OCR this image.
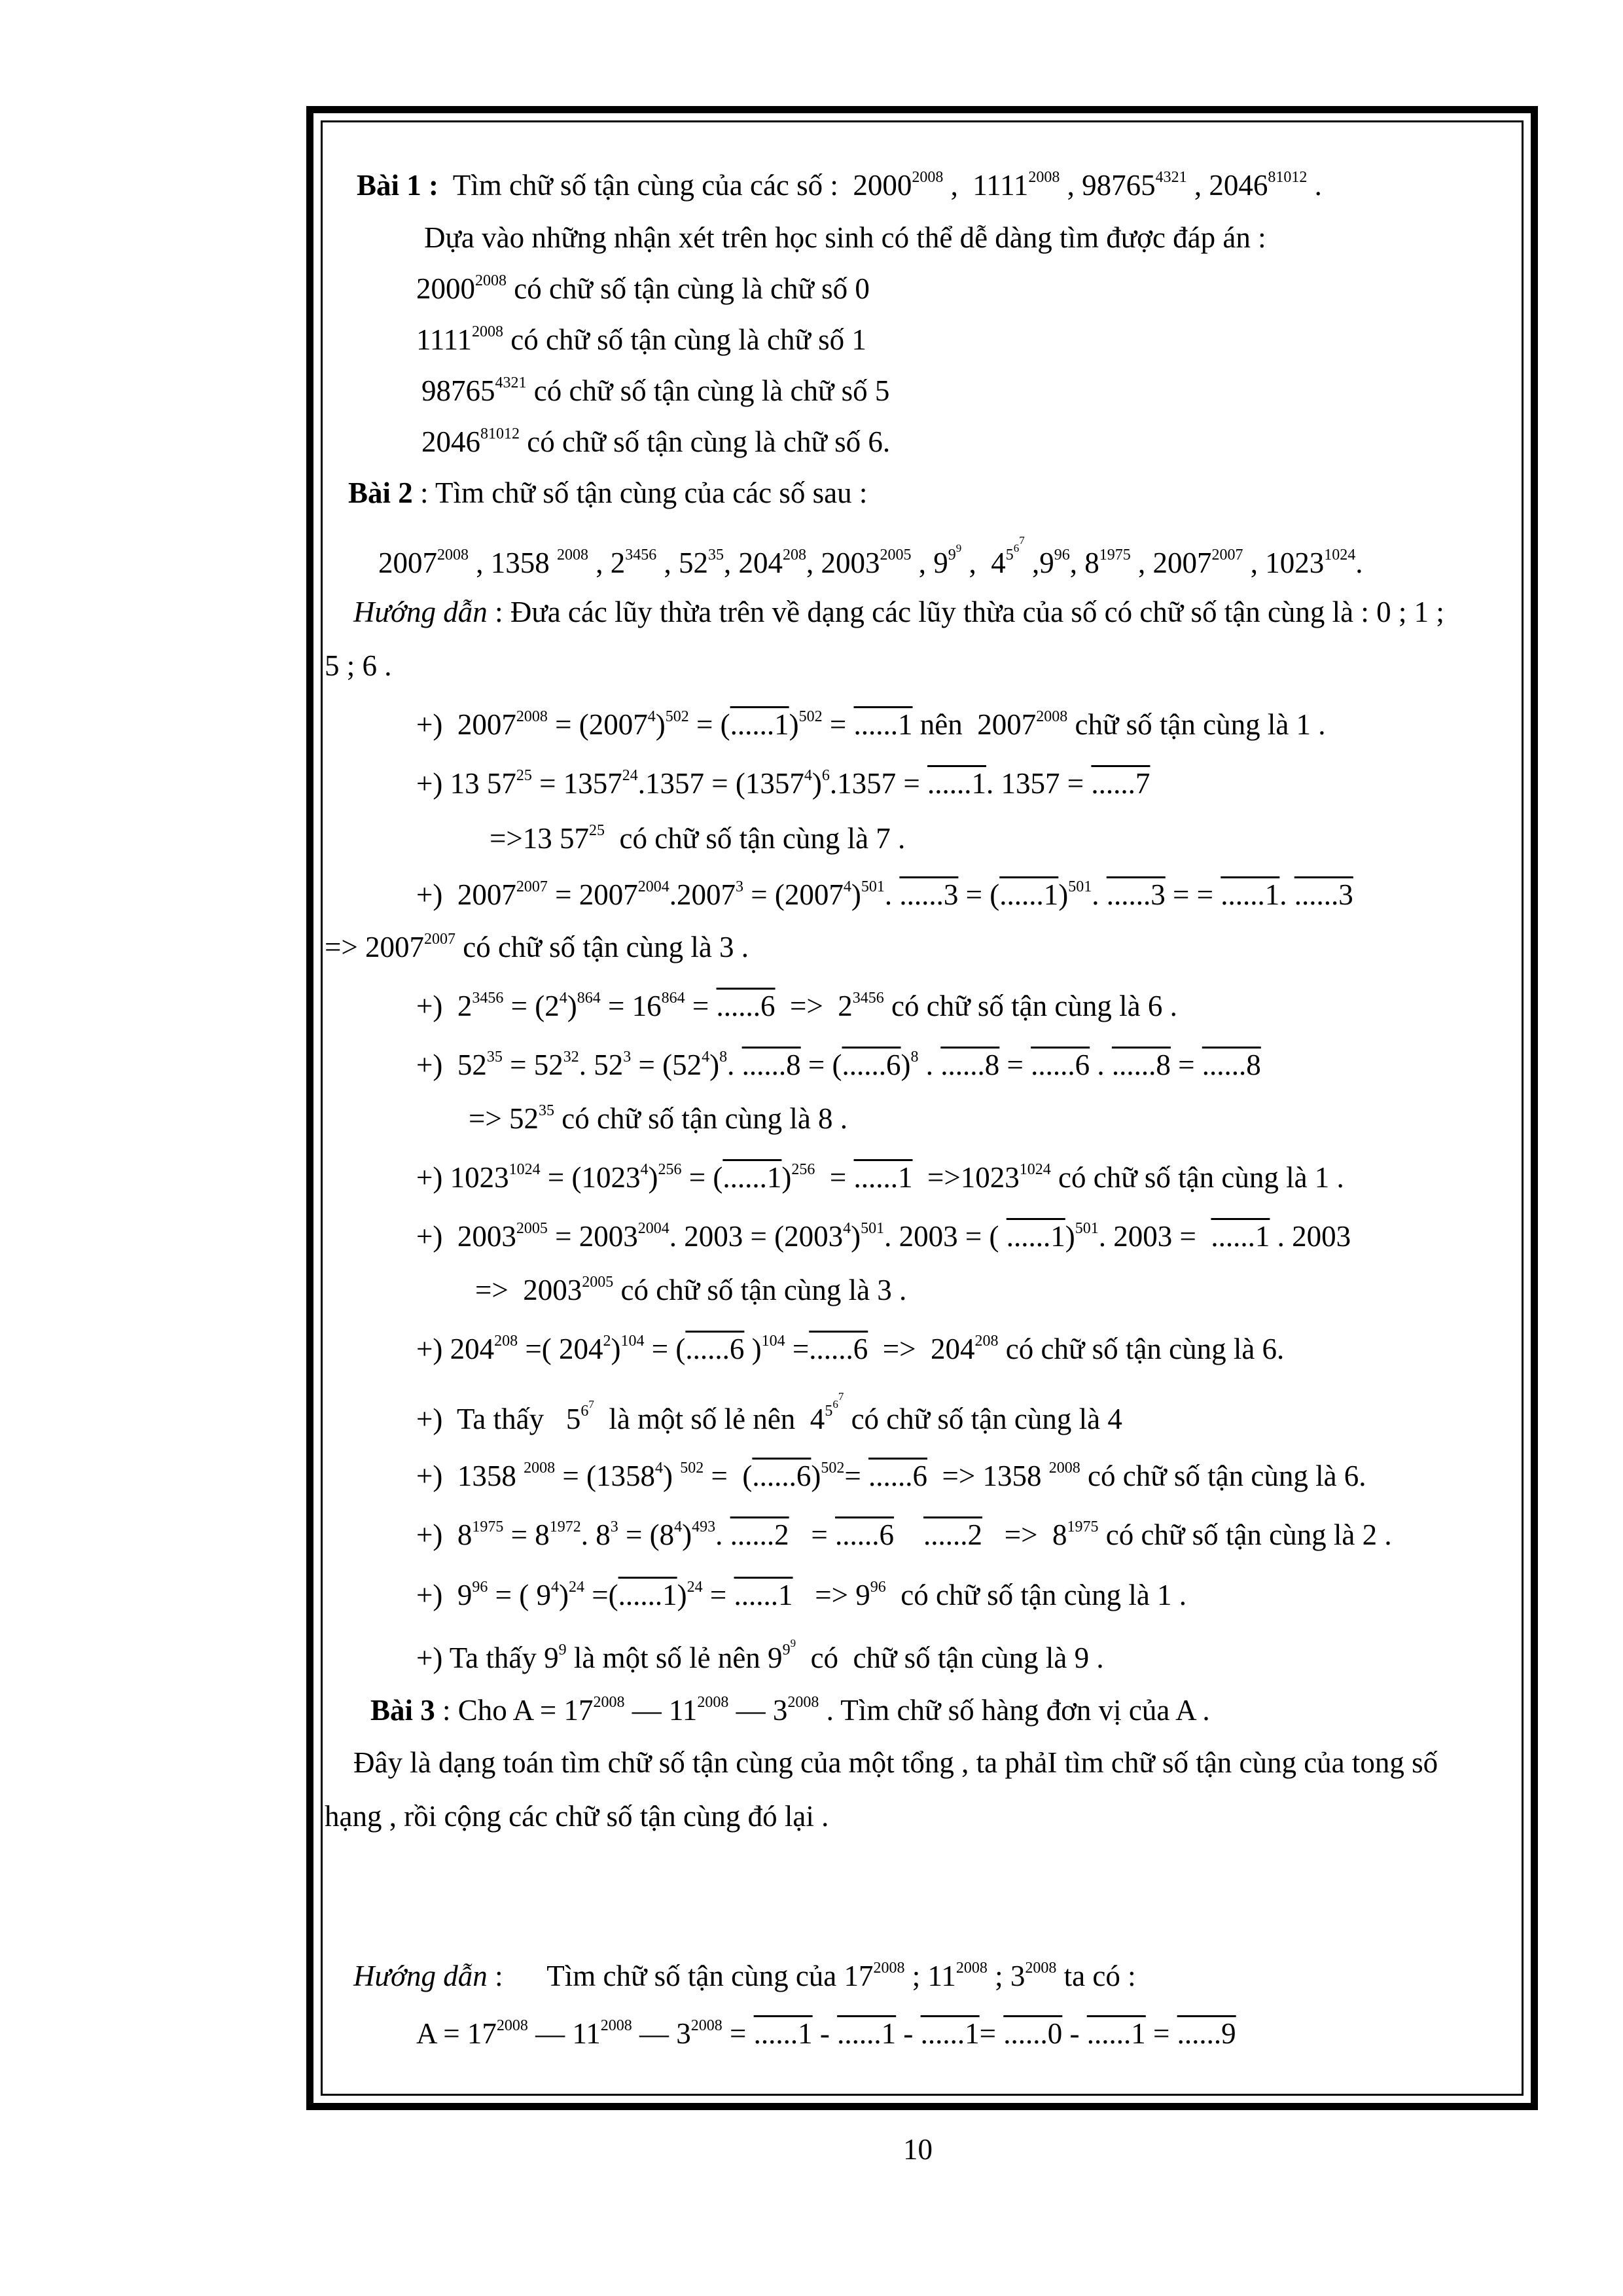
Bài 1 : Tìm chữ số tận cùng của các số : $2000^{2008}$ ,  $1111^{2008}$ , $98765^{4321}$ , $2046^{81012}$ .
Dựa vào những nhận xét trên học sinh có thể dễ dàng tìm được đáp án :
$2000^{2008}$ có chữ số tận cùng là chữ số 0
$1111^{2008}$ có chữ số tận cùng là chữ số 1
$98765^{4321}$ có chữ số tận cùng là chữ số 5
$2046^{81012}$ có chữ số tận cùng là chữ số 6.
Bài 2 : Tìm chữ số tận cùng của các số sau :
$2007^{2008}$ , 1358 $^{2008}$ , $2^{3456}$ , $52^{35}$, $204^{208}$, $2003^{2005}$ , $9^{9^9}$ ,  $4^{5^{6^7}}$ $,9^{96}$, $8^{1975}$ , $2007^{2007}$ , $1023^{1024}$.
Hướng dẫn : Đưa các lũy thừa trên về dạng các lũy thừa của số có chữ số tận cùng là : 0 ; 1 ;
5 ; 6 .
+)  $2007^{2008} = (2007^4)^{502} = (......1)^{502} = ......1$ nên  $2007^{2008}$ chữ số tận cùng là 1 .
+) 13 $57^{25} = 1357^{24}.1357 = (1357^4)^6.1357 = ......1$. 1357 = ......7
=>13 $57^{25}$  có chữ số tận cùng là 7 .
+)  $2007^{2007} = 2007^{2004}.2007^3 = (2007^4)^{501}$. $......3 = (......1)^{501}$. ......3 = = ......1. ......3
=> $2007^{2007}$ có chữ số tận cùng là 3 .
+)  $2^{3456} = (2^4)^{864} = 16^{864} = ......6 => 2^{3456}$ có chữ số tận cùng là 6 .
+)  $52^{35} = 52^{32}$. $52^3 = (52^4)^8$. $......8 = (......6)^8$ . ......8 = ......6 . ......8 = ......8
=> $52^{35}$ có chữ số tận cùng là 8 .
+) $1023^{1024} = (1023^4)^{256} = (......1)^{256} = ......1 =>1023^{1024}$ có chữ số tận cùng là 1 .
+)  $2003^{2005} = 2003^{2004}$. $2003 = (2003^4)^{501}$. 2003 = ( ......1)$^{501}$. 2003 =  ......1 . 2003
=>  $2003^{2005}$ có chữ số tận cùng là 3 .
+) $204^{208}$ =( $204^2)^{104} = (......6$ )$^{104} =......6 => 204^{208}$ có chữ số tận cùng là 6.
+)  Ta thấy   $5^{6^7}$  là một số lẻ nên  $4^{5^{6^7}}$ có chữ số tận cùng là 4
+)  1358 $^{2008} = (1358^4) ^{502} = (......6)^{502}= ......6 => 1358$ $^{2008}$ có chữ số tận cùng là 6.
+)  $8^{1975} = 8^{1972}$. $8^3 = (8^4)^{493}$. ......2   = ......6 $......2 => 8^{1975}$ có chữ số tận cùng là 2 .
+)  $9^{96}$ = ( $9^4)^{24} =(......1)^{24} = ......1 => 9^{96}$  có chữ số tận cùng là 1 .
+) Ta thấy $9^9$ là một số lẻ nên $9^{9^9}$  có  chữ số tận cùng là 9 .
Bài 3 : Cho $A = 17^{2008}$ — $11^{2008}$ — $3^{2008}$ . Tìm chữ số hàng đơn vị của A .
Đây là dạng toán tìm chữ số tận cùng của một tổng , ta phảI tìm chữ số tận cùng của tong số
hạng , rồi cộng các chữ số tận cùng đó lại .
Hướng dẫn :      Tìm chữ số tận cùng của $17^{2008}$ ; $11^{2008}$ ; $3^{2008}$ ta có :
$A = 17^{2008}$ — $11^{2008}$ — $3^{2008} = ......1 - ......1 - ......1= ......0 - ......1 = ......9$
10
